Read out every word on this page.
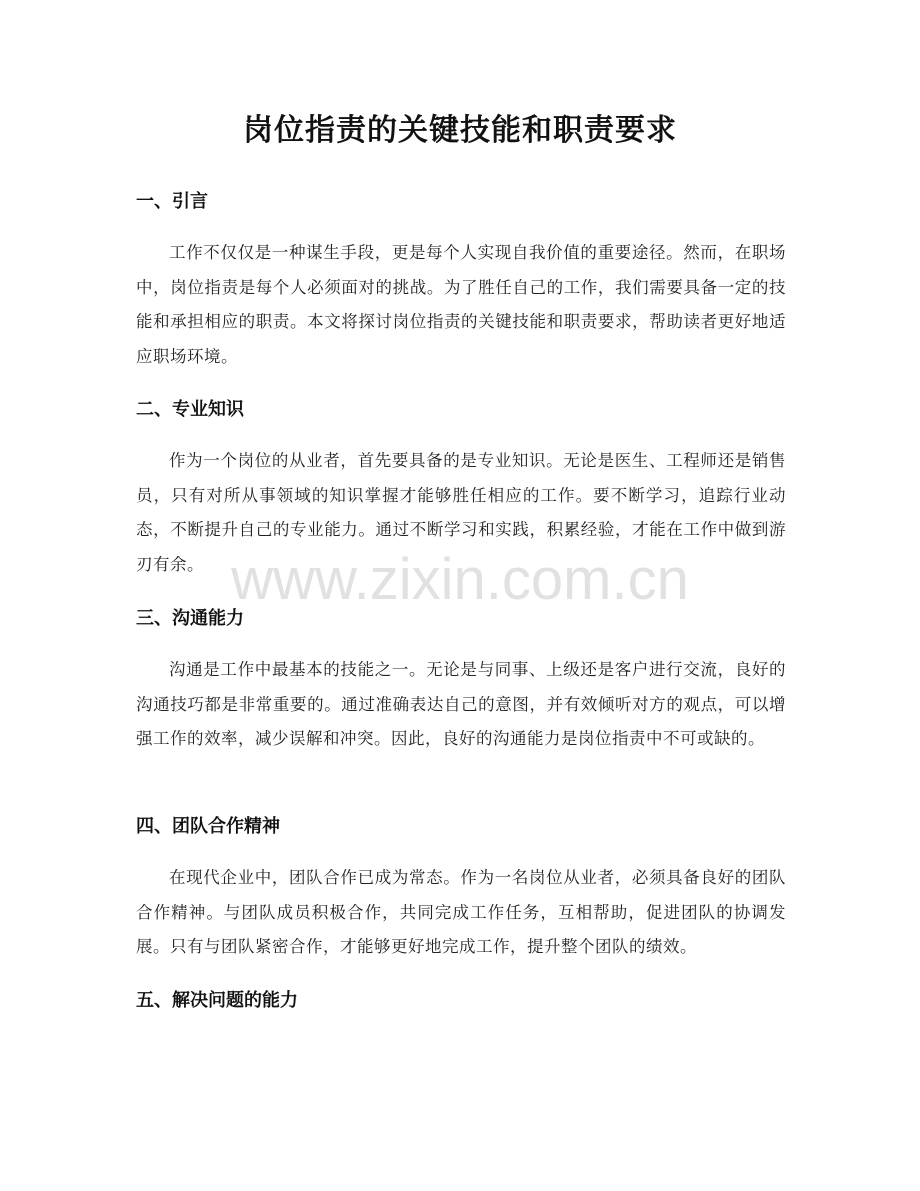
岗位指责的关键技能和职责要求
一、引言

工作不仅仅是一种谋生手段，更是每个人实现自我价值的重要途径。然而，在职场中，岗位指责是每个人必须面对的挑战。为了胜任自己的工作，我们需要具备一定的技能和承担相应的职责。本文将探讨岗位指责的关键技能和职责要求，帮助读者更好地适应职场环境。

二、专业知识

作为一个岗位的从业者，首先要具备的是专业知识。无论是医生、工程师还是销售员，只有对所从事领域的知识掌握才能够胜任相应的工作。要不断学习，追踪行业动态，不断提升自己的专业能力。通过不断学习和实践，积累经验，才能在工作中做到游刃有余。

三、沟通能力

沟通是工作中最基本的技能之一。无论是与同事、上级还是客户进行交流，良好的沟通技巧都是非常重要的。通过准确表达自己的意图，并有效倾听对方的观点，可以增强工作的效率，减少误解和冲突。因此，良好的沟通能力是岗位指责中不可或缺的。

四、团队合作精神

在现代企业中，团队合作已成为常态。作为一名岗位从业者，必须具备良好的团队合作精神。与团队成员积极合作，共同完成工作任务，互相帮助，促进团队的协调发展。只有与团队紧密合作，才能够更好地完成工作，提升整个团队的绩效。

五、解决问题的能力
www.zixin.com.cn
